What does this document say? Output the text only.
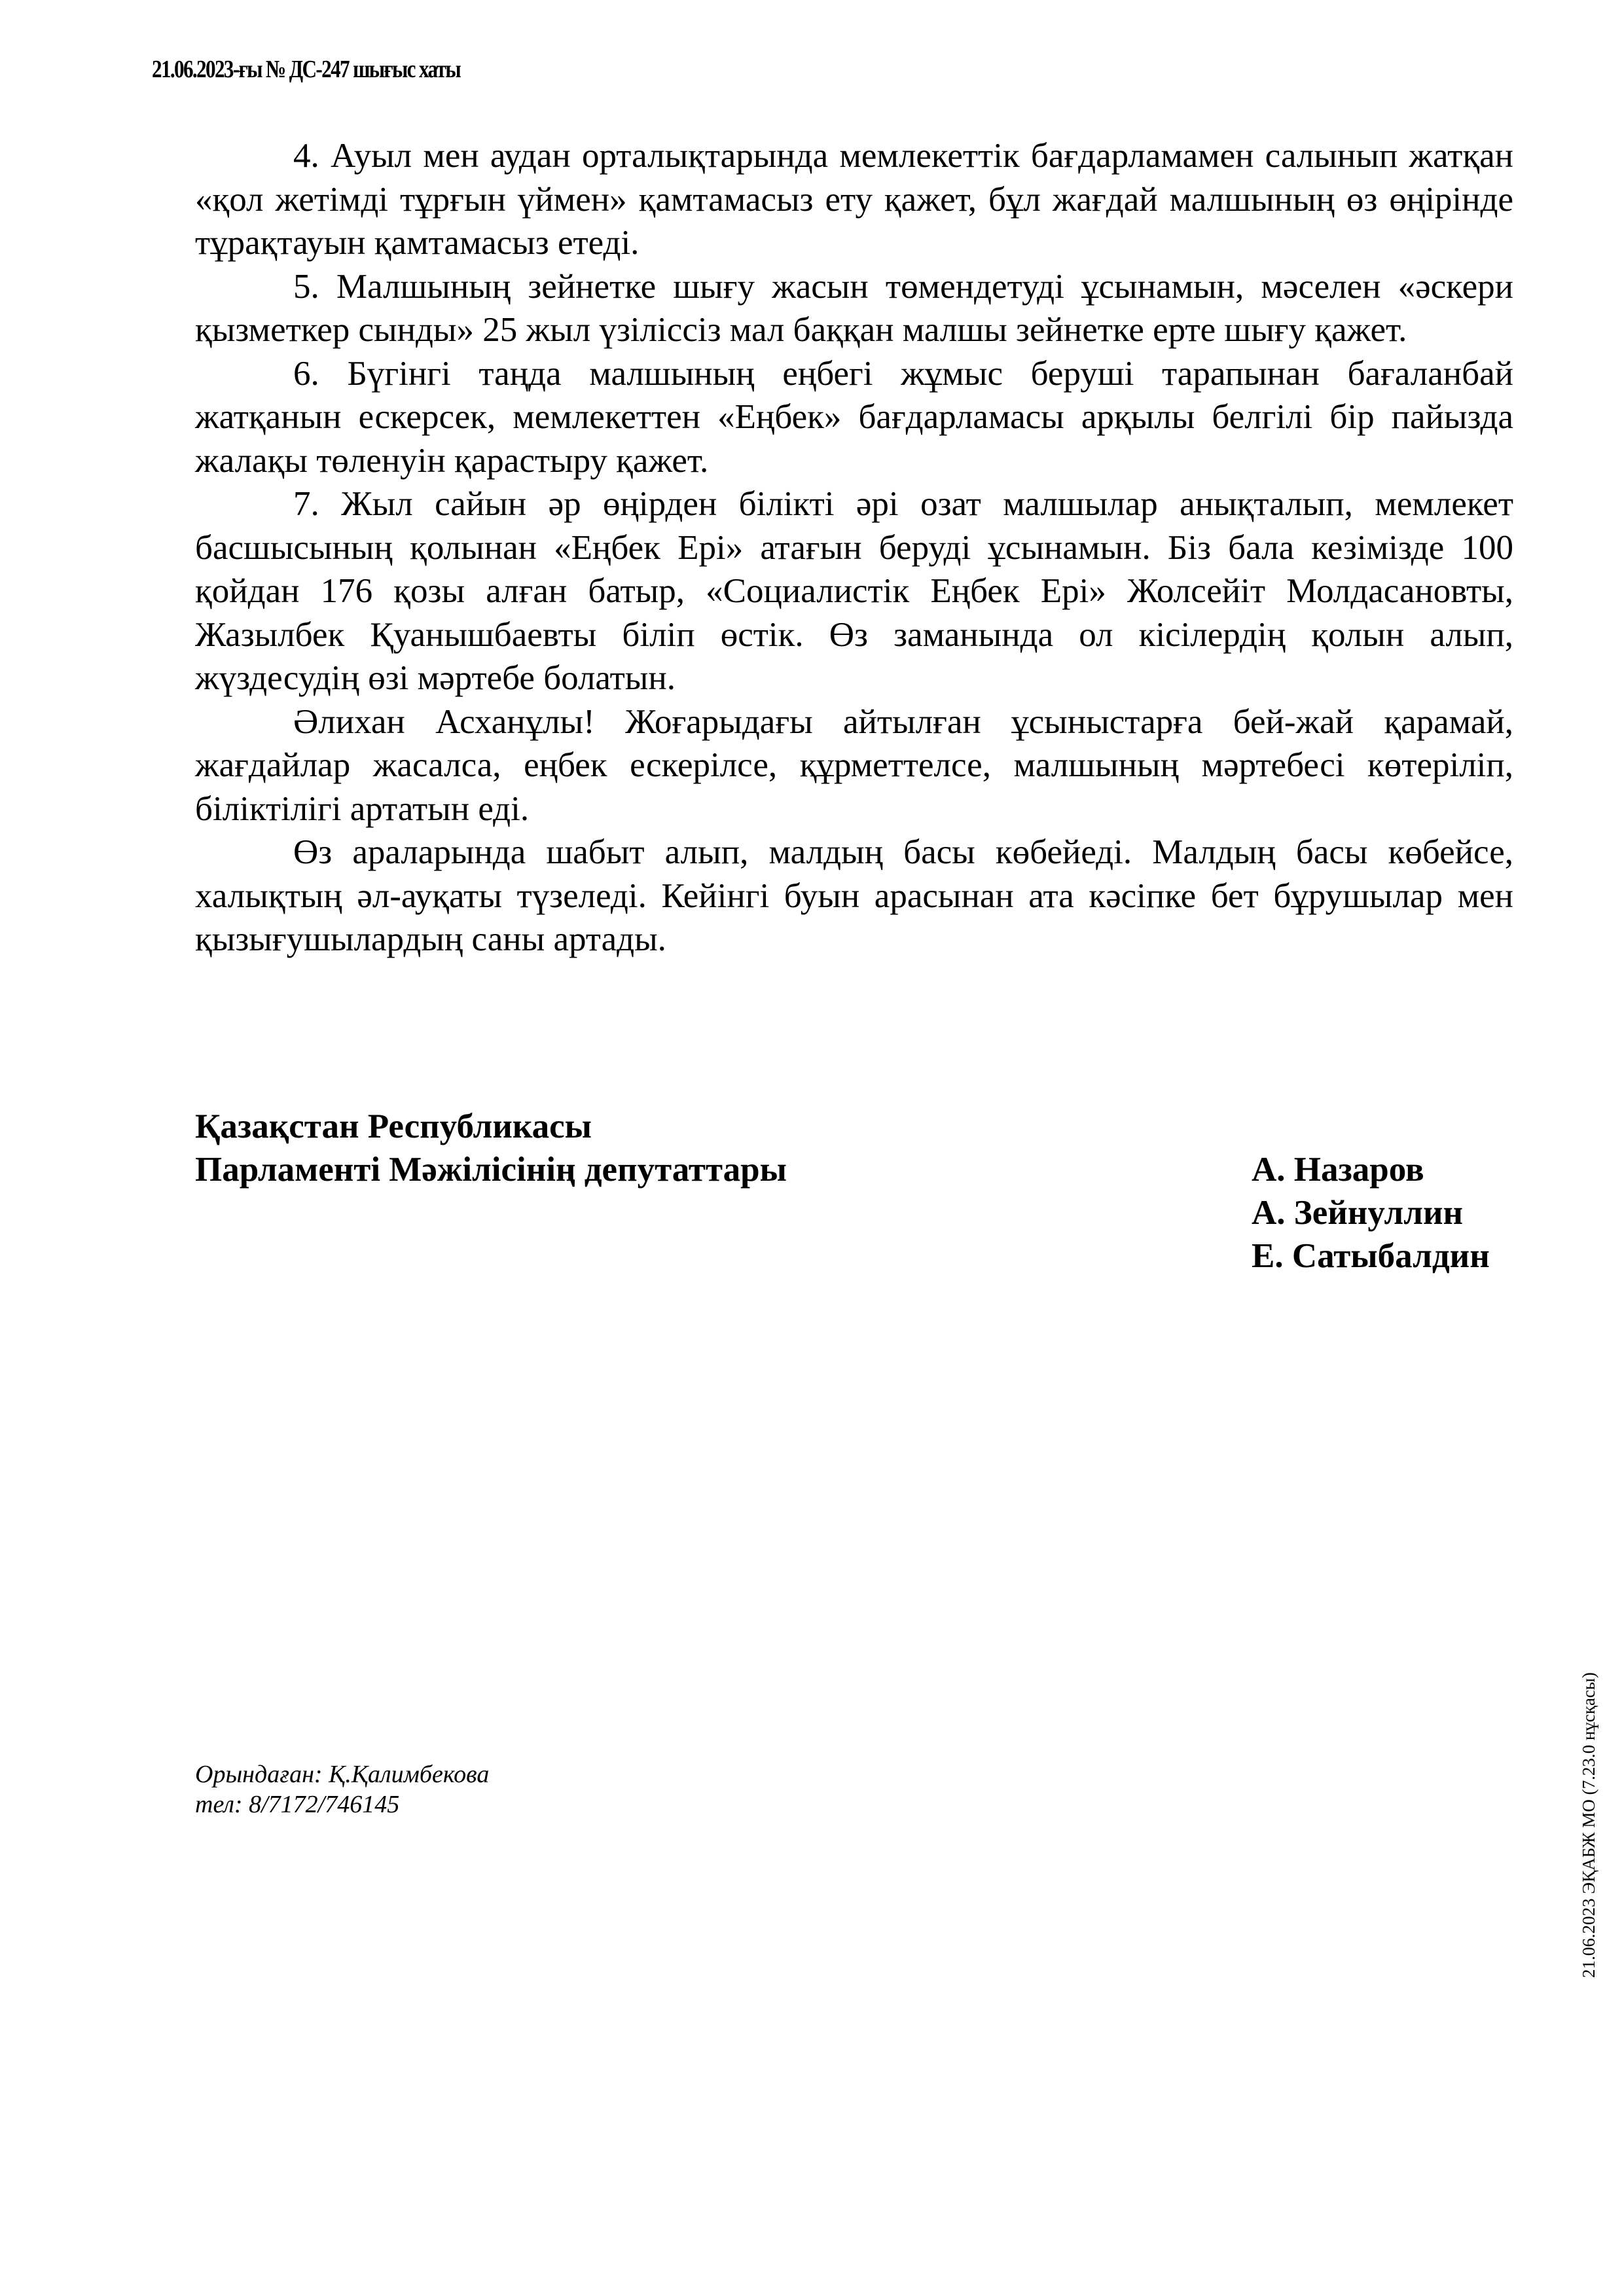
21.06.2023-ғы № ДС-247 шығыс хаты

4. Ауыл мен аудан орталықтарында мемлекеттік бағдарламамен салынып жатқан «қол жетімді тұрғын үймен» қамтамасыз ету қажет, бұл жағдай малшының өз өңірінде тұрақтауын қамтамасыз етеді.

5. Малшының зейнетке шығу жасын төмендетуді ұсынамын, мәселен «әскери қызметкер сынды» 25 жыл үзіліссіз мал баққан малшы зейнетке ерте шығу қажет.

6. Бүгінгі таңда малшының еңбегі жұмыс беруші тарапынан бағаланбай жатқанын ескерсек, мемлекеттен «Еңбек» бағдарламасы арқылы белгілі бір пайызда жалақы төленуін қарастыру қажет.

7. Жыл сайын әр өңірден білікті әрі озат малшылар анықталып, мемлекет басшысының қолынан «Еңбек Ері» атағын беруді ұсынамын. Біз бала кезімізде 100 қойдан 176 қозы алған батыр, «Социалистік Еңбек Ері» Жолсейіт Молдасановты, Жазылбек Қуанышбаевты біліп өстік. Өз заманында ол кісілердің қолын алып, жүздесудің өзі мәртебе болатын.

Әлихан Асханұлы! Жоғарыдағы айтылған ұсыныстарға бей-жай қарамай, жағдайлар жасалса, еңбек ескерілсе, құрметтелсе, малшының мәртебесі көтеріліп, біліктілігі артатын еді.

Өз араларында шабыт алып, малдың басы көбейеді. Малдың басы көбейсе, халықтың әл-ауқаты түзеледі. Кейінгі буын арасынан ата кәсіпке бет бұрушылар мен қызығушылардың саны артады.

Қазақстан Республикасы
Парламенті Мәжілісінің депутаттары	А. Назаров
А. Зейнуллин
Е. Сатыбалдин
Орындаған: Қ.Қалимбекова
тел: 8/7172/746145	21.06.2023 ЭҚАБЖ МО (7.23.0 нұсқасы)
